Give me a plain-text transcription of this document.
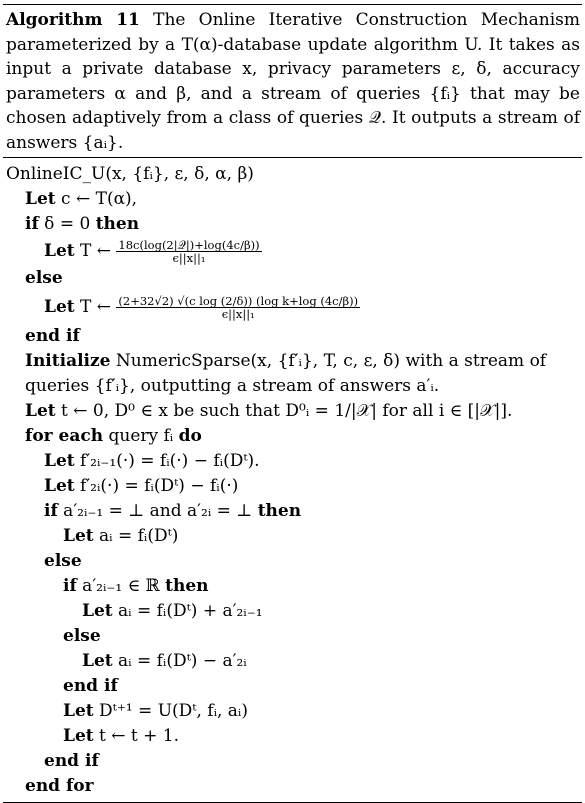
Algorithm 11 The Online Iterative Construction Mechanism parameterized by a T(α)-database update algorithm U. It takes as input a private database x, privacy parameters ε, δ, accuracy parameters α and β, and a stream of queries {fᵢ} that may be chosen adaptively from a class of queries 𝒬. It outputs a stream of answers {aᵢ}.
OnlineIC_U(x, {fᵢ}, ε, δ, α, β)
Let c ← T(α),
if δ = 0 then
Let T ← $\frac{\text{18c(log(2|𝒬|)+log(4c/β))}}{\text{ϵ||x||₁}}$
else
Let T ← $\frac{\text{(2+32√2) √(c log (2/δ)) (log k+log (4c/β))}}{\text{ϵ||x||₁}}$
end if
Initialize NumericSparse(x, {f′ᵢ}, T, c, ε, δ) with a stream of queries {f′ᵢ}, outputting a stream of answers a′ᵢ.
Let t ← 0, D⁰ ∈ x be such that D⁰ᵢ = 1/|𝒳| for all i ∈ [|𝒳|].
for each query fᵢ do
Let f′₂ᵢ₋₁(·) = fᵢ(·) − fᵢ(Dᵗ).
Let f′₂ᵢ(·) = fᵢ(Dᵗ) − fᵢ(·)
if a′₂ᵢ₋₁ = ⊥ and a′₂ᵢ = ⊥ then
Let aᵢ = fᵢ(Dᵗ)
else
if a′₂ᵢ₋₁ ∈ ℝ then
Let aᵢ = fᵢ(Dᵗ) + a′₂ᵢ₋₁
else
Let aᵢ = fᵢ(Dᵗ) − a′₂ᵢ
end if
Let Dᵗ⁺¹ = U(Dᵗ, fᵢ, aᵢ)
Let t ← t + 1.
end if
end for
